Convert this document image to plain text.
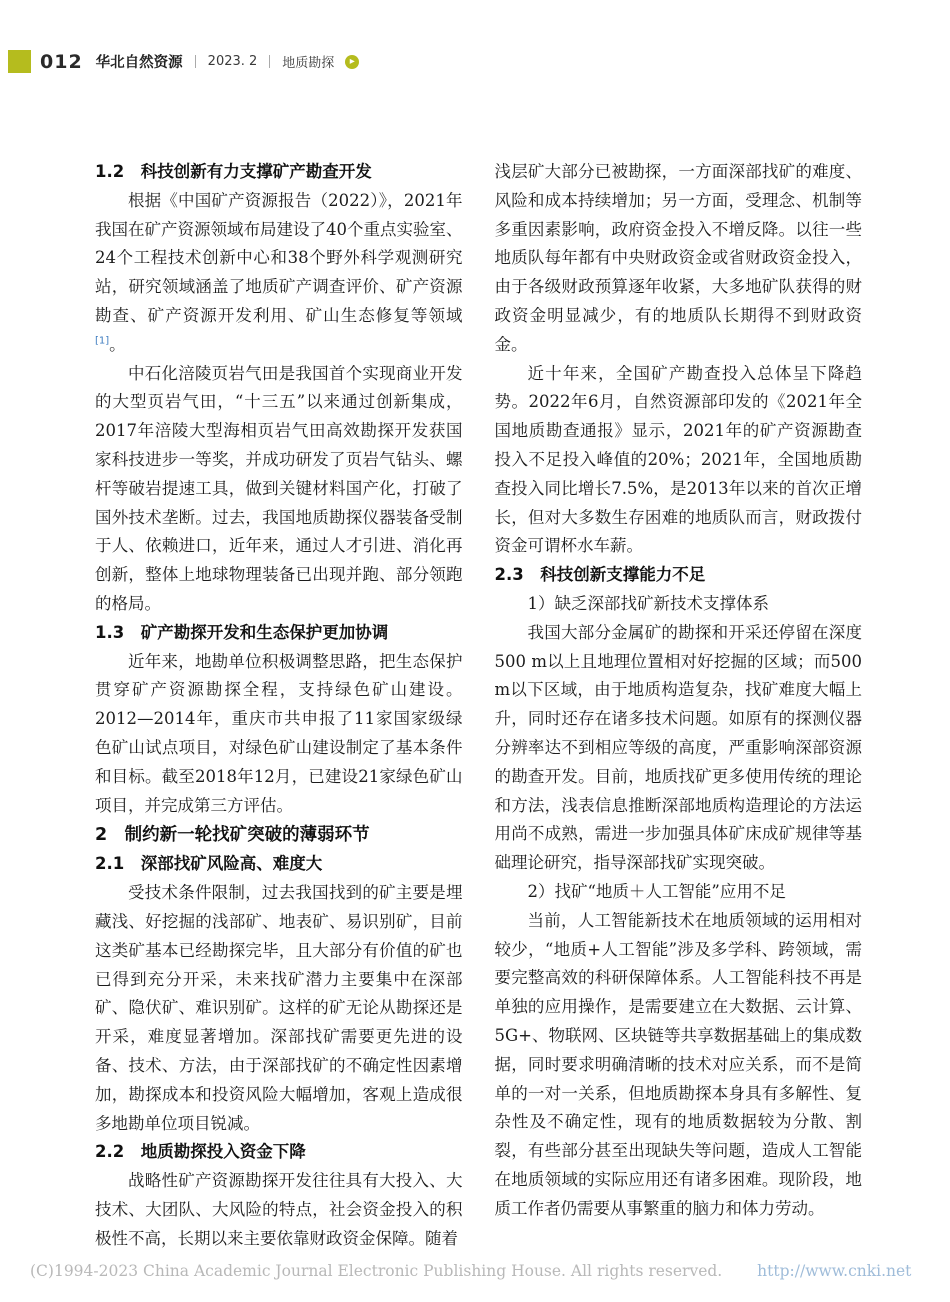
012 华北自然资源 2023. 2 地质勘探	▸
1.2　科技创新有力支撑矿产勘查开发

根据《中国矿产资源报告（2022）》，2021年我国在矿产资源领域布局建设了40个重点实验室、24个工程技术创新中心和38个野外科学观测研究站，研究领域涵盖了地质矿产调查评价、矿产资源勘查、矿产资源开发利用、矿山生态修复等领域[1]。

中石化涪陵页岩气田是我国首个实现商业开发的大型页岩气田，“十三五”以来通过创新集成，2017年涪陵大型海相页岩气田高效勘探开发获国家科技进步一等奖，并成功研发了页岩气钻头、螺杆等破岩提速工具，做到关键材料国产化，打破了国外技术垄断。过去，我国地质勘探仪器装备受制于人、依赖进口，近年来，通过人才引进、消化再创新，整体上地球物理装备已出现并跑、部分领跑的格局。

1.3　矿产勘探开发和生态保护更加协调

近年来，地勘单位积极调整思路，把生态保护贯穿矿产资源勘探全程，支持绿色矿山建设。2012—2014年，重庆市共申报了11家国家级绿色矿山试点项目，对绿色矿山建设制定了基本条件和目标。截至2018年12月，已建设21家绿色矿山项目，并完成第三方评估。

2　制约新一轮找矿突破的薄弱环节
2.1　深部找矿风险高、难度大

受技术条件限制，过去我国找到的矿主要是埋藏浅、好挖掘的浅部矿、地表矿、易识别矿，目前这类矿基本已经勘探完毕，且大部分有价值的矿也已得到充分开采，未来找矿潜力主要集中在深部矿、隐伏矿、难识别矿。这样的矿无论从勘探还是开采，难度显著增加。深部找矿需要更先进的设备、技术、方法，由于深部找矿的不确定性因素增加，勘探成本和投资风险大幅增加，客观上造成很多地勘单位项目锐减。

2.2　地质勘探投入资金下降

战略性矿产资源勘探开发往往具有大投入、大技术、大团队、大风险的特点，社会资金投入的积极性不高，长期以来主要依靠财政资金保障。随着

浅层矿大部分已被勘探，一方面深部找矿的难度、风险和成本持续增加；另一方面，受理念、机制等多重因素影响，政府资金投入不增反降。以往一些地质队每年都有中央财政资金或省财政资金投入，由于各级财政预算逐年收紧，大多地矿队获得的财政资金明显减少，有的地质队长期得不到财政资金。

近十年来，全国矿产勘查投入总体呈下降趋势。2022年6月，自然资源部印发的《2021年全国地质勘查通报》显示，2021年的矿产资源勘查投入不足投入峰值的20%；2021年，全国地质勘查投入同比增长7.5%，是2013年以来的首次正增长，但对大多数生存困难的地质队而言，财政拨付资金可谓杯水车薪。

2.3　科技创新支撑能力不足

1）缺乏深部找矿新技术支撑体系

我国大部分金属矿的勘探和开采还停留在深度500 m以上且地理位置相对好挖掘的区域；而500 m以下区域，由于地质构造复杂，找矿难度大幅上升，同时还存在诸多技术问题。如原有的探测仪器分辨率达不到相应等级的高度，严重影响深部资源的勘查开发。目前，地质找矿更多使用传统的理论和方法，浅表信息推断深部地质构造理论的方法运用尚不成熟，需进一步加强具体矿床成矿规律等基础理论研究，指导深部找矿实现突破。

2）找矿“地质＋人工智能”应用不足

当前，人工智能新技术在地质领域的运用相对较少，“地质+人工智能”涉及多学科、跨领域，需要完整高效的科研保障体系。人工智能科技不再是单独的应用操作，是需要建立在大数据、云计算、5G+、物联网、区块链等共享数据基础上的集成数据，同时要求明确清晰的技术对应关系，而不是简单的一对一关系，但地质勘探本身具有多解性、复杂性及不确定性，现有的地质数据较为分散、割裂，有些部分甚至出现缺失等问题，造成人工智能在地质领域的实际应用还有诸多困难。现阶段，地质工作者仍需要从事繁重的脑力和体力劳动。

(C)1994-2023 China Academic Journal Electronic Publishing House. All rights reserved. http://www.cnki.net
